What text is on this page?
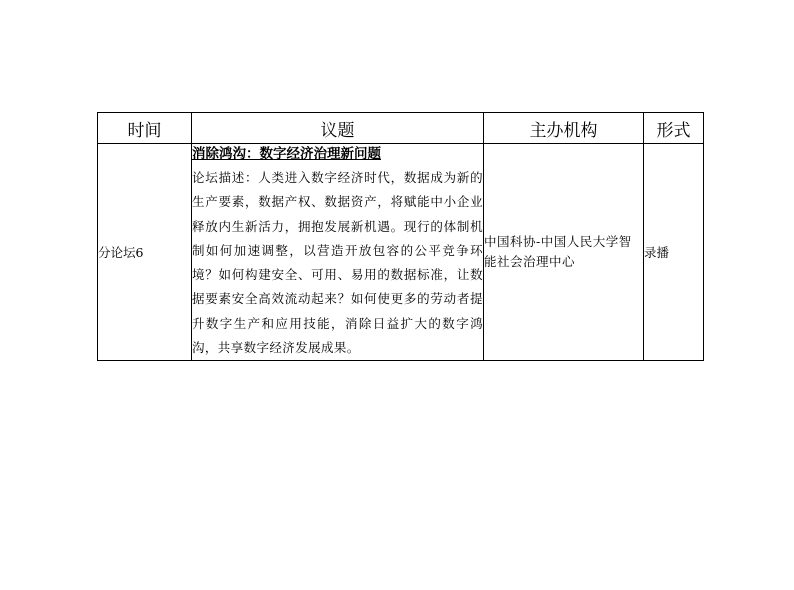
时间	议题	主办机构	形式
分论坛6	消除鸿沟：数字经济治理新问题
论坛描述：人类进入数字经济时代，数据成为新的生产要素，数据产权、数据资产，将赋能中小企业释放内生新活力，拥抱发展新机遇。现行的体制机制如何加速调整，以营造开放包容的公平竞争环境？如何构建安全、可用、易用的数据标准，让数据要素安全高效流动起来？如何使更多的劳动者提升数字生产和应用技能，消除日益扩大的数字鸿沟，共享数字经济发展成果。	中国科协-中国人民大学智能社会治理中心	录播
